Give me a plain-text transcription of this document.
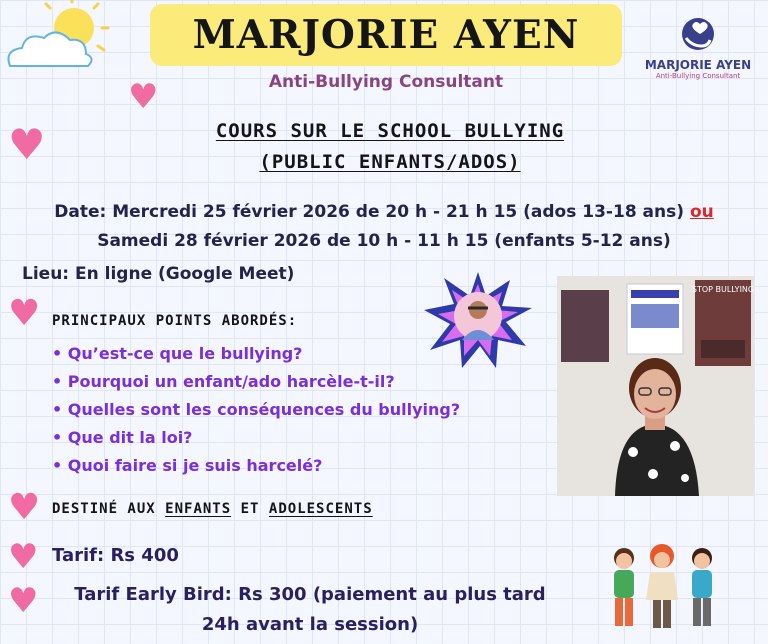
MARJORIE AYEN
Anti-Bullying Consultant
MARJORIE AYEN
Anti-Bullying Consultant
♥
♥
♥
♥
♥
♥
COURS SUR LE SCHOOL BULLYING
(PUBLIC ENFANTS/ADOS)
Date: Mercredi 25 février 2026 de 20 h - 21 h 15 (ados 13-18 ans) ou
Samedi 28 février 2026 de 10 h - 11 h 15 (enfants 5-12 ans)
Lieu: En ligne (Google Meet)
PRINCIPAUX POINTS ABORDÉS:
• Qu’est-ce que le bullying?
• Pourquoi un enfant/ado harcèle-t-il?
• Quelles sont les conséquences du bullying?
• Que dit la loi?
• Quoi faire si je suis harcelé?
STOP BULLYING
DESTINÉ AUX ENFANTS ET ADOLESCENTS
Tarif: Rs 400
Tarif Early Bird: Rs 300 (paiement au plus tard
24h avant la session)
